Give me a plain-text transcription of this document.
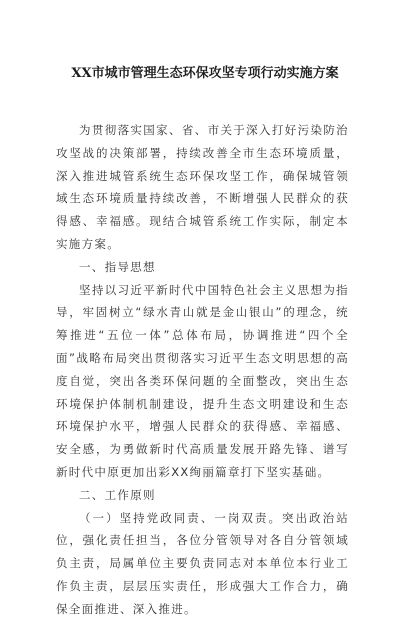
XX市城市管理生态环保攻坚专项行动实施方案

为贯彻落实国家、省、市关于深入打好污染防治攻坚战的决策部署，持续改善全市生态环境质量，深入推进城管系统生态环保攻坚工作，确保城管领域生态环境质量持续改善，不断增强人民群众的获得感、幸福感。现结合城管系统工作实际，制定本实施方案。

一、指导思想

坚持以习近平新时代中国特色社会主义思想为指导，牢固树立“绿水青山就是金山银山”的理念，统筹推进“五位一体”总体布局，协调推进“四个全面”战略布局突出贯彻落实习近平生态文明思想的高度自觉，突出各类环保问题的全面整改，突出生态环境保护体制机制建设，提升生态文明建设和生态环境保护水平，增强人民群众的获得感、幸福感、安全感，为勇做新时代高质量发展开路先锋、谱写新时代中原更加出彩XX绚丽篇章打下坚实基础。

二、工作原则

（一）坚持党政同责、一岗双责。突出政治站位，强化责任担当，各位分管领导对各自分管领域负主责，局属单位主要负责同志对本单位本行业工作负主责，层层压实责任，形成强大工作合力，确保全面推进、深入推进。
